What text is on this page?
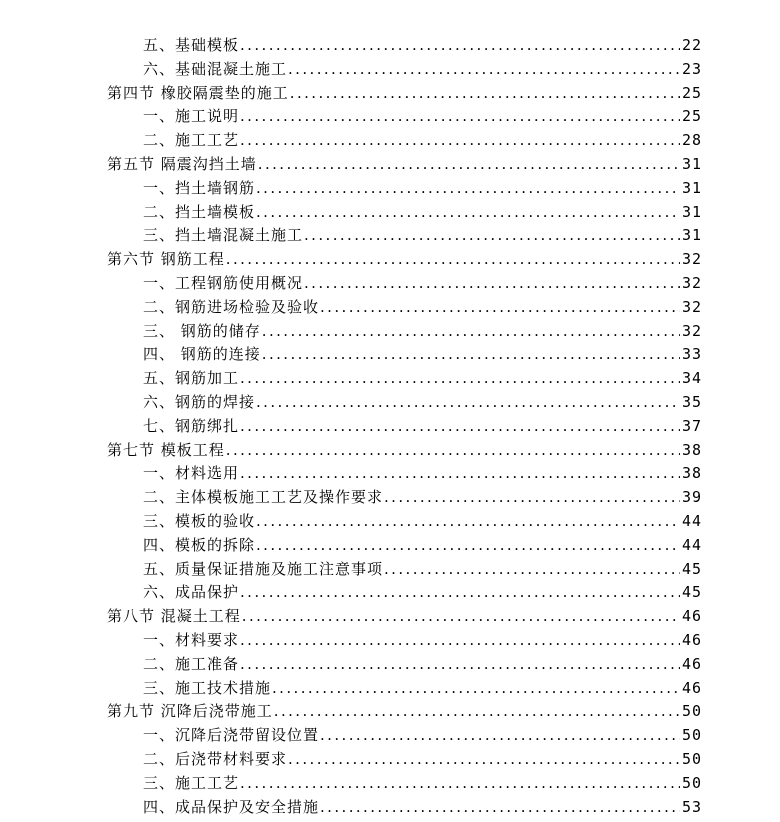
五、基础模板 .....	22
六、基础混凝土施工 .....	23
第四节 橡胶隔震垫的施工 .....	25
一、施工说明 .....	25
二、施工工艺 .....	28
第五节 隔震沟挡土墙 .....	31
一、挡土墙钢筋 .....	31
二、挡土墙模板 .....	31
三、挡土墙混凝土施工 .....	31
第六节 钢筋工程 .....	32
一、工程钢筋使用概况 .....	32
二、钢筋进场检验及验收 .....	32
三、 钢筋的储存 .....	32
四、 钢筋的连接 .....	33
五、钢筋加工 .....	34
六、钢筋的焊接 .....	35
七、钢筋绑扎 .....	37
第七节 模板工程 .....	38
一、材料选用 .....	38
二、主体模板施工工艺及操作要求 .....	39
三、模板的验收 .....	44
四、模板的拆除 .....	44
五、质量保证措施及施工注意事项 .....	45
六、成品保护 .....	45
第八节 混凝土工程 .....	46
一、材料要求 .....	46
二、施工准备 .....	46
三、施工技术措施 .....	46
第九节 沉降后浇带施工 .....	50
一、沉降后浇带留设位置 .....	50
二、后浇带材料要求 .....	50
三、施工工艺 .....	50
四、成品保护及安全措施 .....	53
